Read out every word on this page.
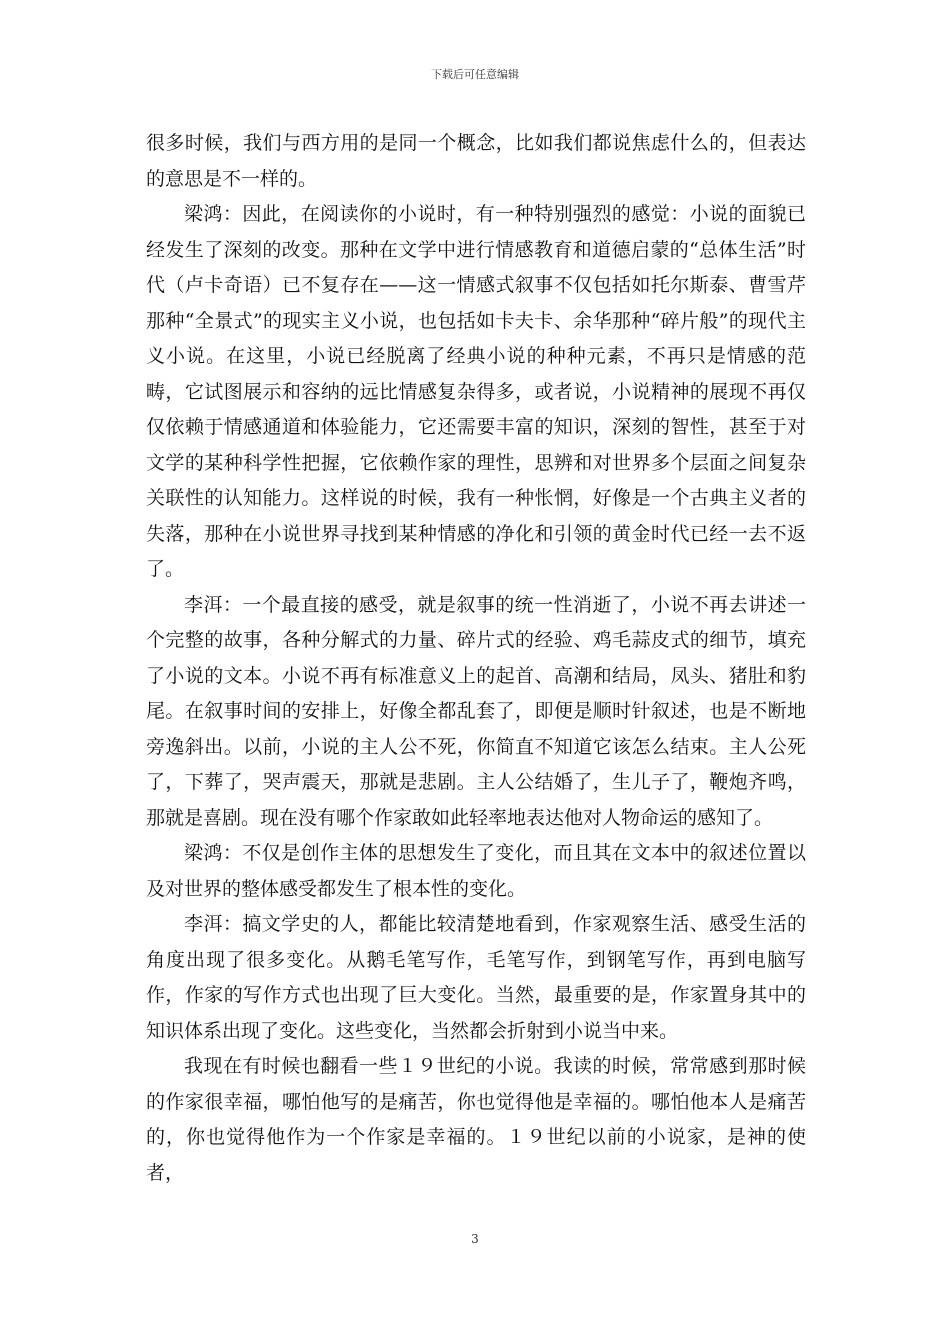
下载后可任意编辑

很多时候，我们与西方用的是同一个概念，比如我们都说焦虑什么的，但表达的意思是不一样的。

梁鸿：因此，在阅读你的小说时，有一种特别强烈的感觉：小说的面貌已经发生了深刻的改变。那种在文学中进行情感教育和道德启蒙的“总体生活”时代（卢卡奇语）已不复存在——这一情感式叙事不仅包括如托尔斯泰、曹雪芹那种“全景式”的现实主义小说，也包括如卡夫卡、余华那种“碎片般”的现代主义小说。在这里，小说已经脱离了经典小说的种种元素，不再只是情感的范畴，它试图展示和容纳的远比情感复杂得多，或者说，小说精神的展现不再仅仅依赖于情感通道和体验能力，它还需要丰富的知识，深刻的智性，甚至于对文学的某种科学性把握，它依赖作家的理性，思辨和对世界多个层面之间复杂关联性的认知能力。这样说的时候，我有一种怅惘，好像是一个古典主义者的失落，那种在小说世界寻找到某种情感的净化和引领的黄金时代已经一去不返了。

李洱：一个最直接的感受，就是叙事的统一性消逝了，小说不再去讲述一个完整的故事，各种分解式的力量、碎片式的经验、鸡毛蒜皮式的细节，填充了小说的文本。小说不再有标准意义上的起首、高潮和结局，凤头、猪肚和豹尾。在叙事时间的安排上，好像全都乱套了，即便是顺时针叙述，也是不断地旁逸斜出。以前，小说的主人公不死，你简直不知道它该怎么结束。主人公死了，下葬了，哭声震天，那就是悲剧。主人公结婚了，生儿子了，鞭炮齐鸣，那就是喜剧。现在没有哪个作家敢如此轻率地表达他对人物命运的感知了。

梁鸿：不仅是创作主体的思想发生了变化，而且其在文本中的叙述位置以及对世界的整体感受都发生了根本性的变化。

李洱：搞文学史的人，都能比较清楚地看到，作家观察生活、感受生活的角度出现了很多变化。从鹅毛笔写作，毛笔写作，到钢笔写作，再到电脑写作，作家的写作方式也出现了巨大变化。当然，最重要的是，作家置身其中的知识体系出现了变化。这些变化，当然都会折射到小说当中来。

我现在有时候也翻看一些１９世纪的小说。我读的时候，常常感到那时候的作家很幸福，哪怕他写的是痛苦，你也觉得他是幸福的。哪怕他本人是痛苦的，你也觉得他作为一个作家是幸福的。１９世纪以前的小说家，是神的使者，

3
